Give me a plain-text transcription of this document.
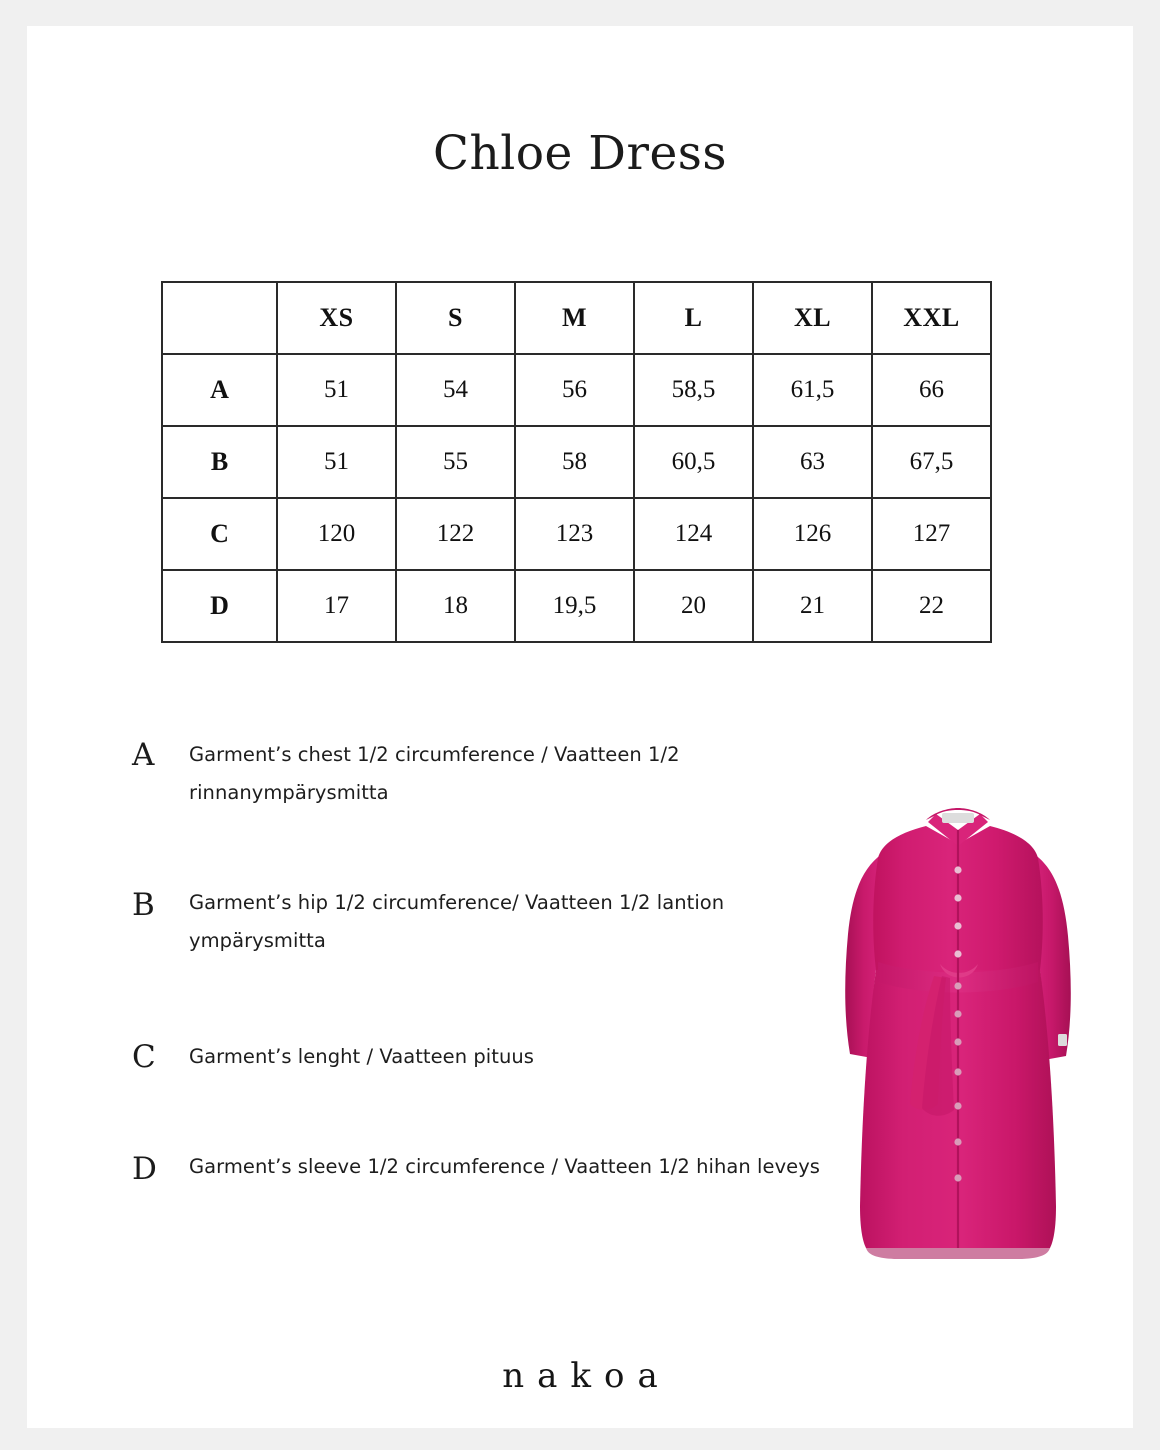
Chloe Dress
	XS	S	M	L	XL	XXL
A	51	54	56	58,5	61,5	66
B	51	55	58	60,5	63	67,5
C	120	122	123	124	126	127
D	17	18	19,5	20	21	22
A	Garment’s chest 1/2 circumference / Vaatteen 1/2 rinnanympärysmitta
B	Garment’s hip 1/2 circumference/ Vaatteen 1/2 lantion ympärysmitta
C	Garment’s lenght / Vaatteen pituus
D	Garment’s sleeve 1/2 circumference / Vaatteen 1/2 hihan leveys
nakoa
